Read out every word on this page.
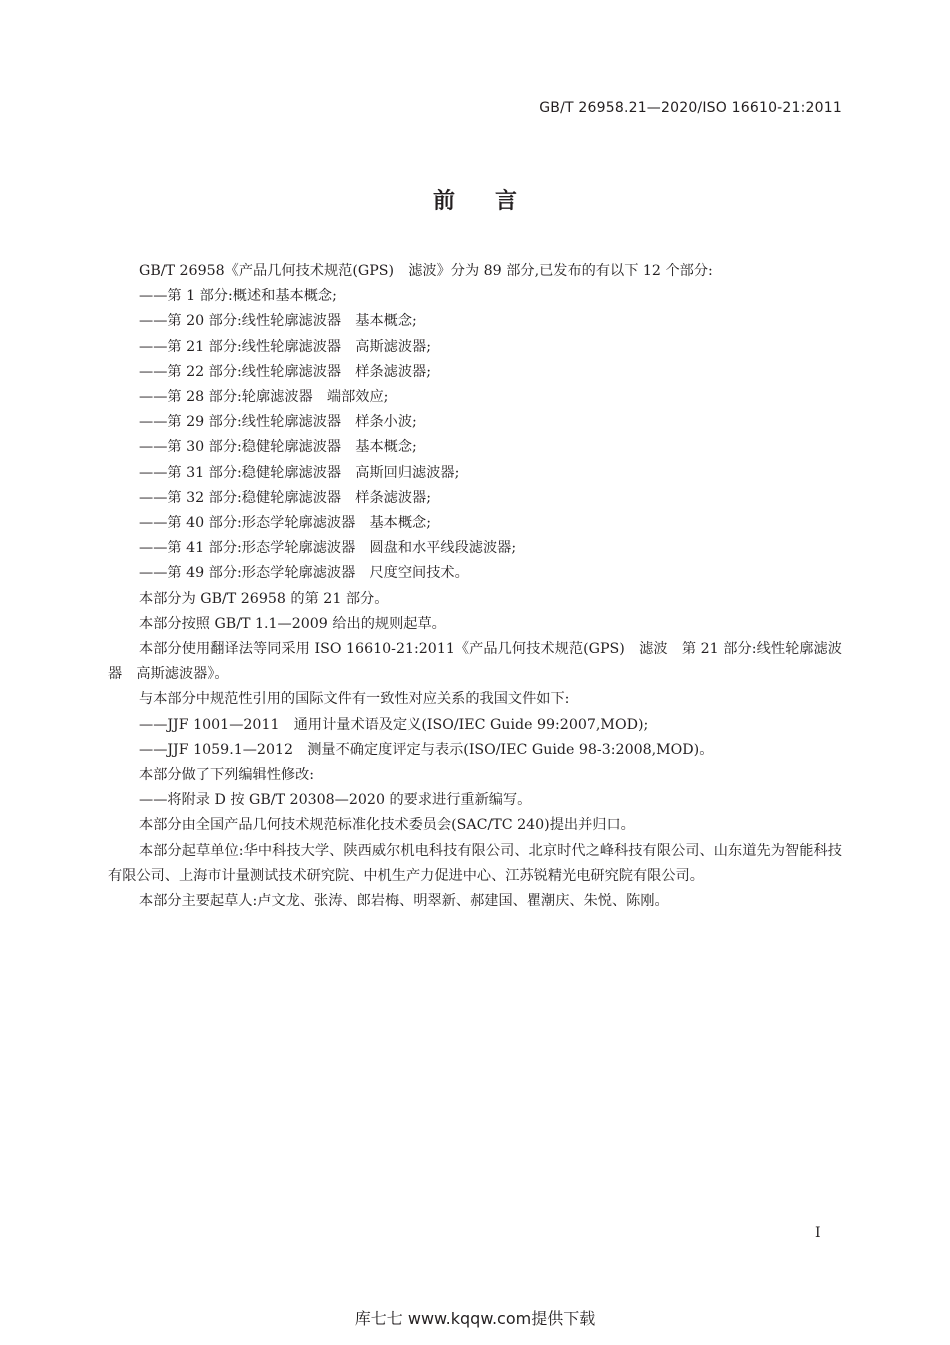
GB/T 26958.21—2020/ISO 16610-21:2011
前言

GB/T 26958《产品几何技术规范(GPS)　滤波》分为 89 部分,已发布的有以下 12 个部分:

——第 1 部分:概述和基本概念;

——第 20 部分:线性轮廓滤波器　基本概念;

——第 21 部分:线性轮廓滤波器　高斯滤波器;

——第 22 部分:线性轮廓滤波器　样条滤波器;

——第 28 部分:轮廓滤波器　端部效应;

——第 29 部分:线性轮廓滤波器　样条小波;

——第 30 部分:稳健轮廓滤波器　基本概念;

——第 31 部分:稳健轮廓滤波器　高斯回归滤波器;

——第 32 部分:稳健轮廓滤波器　样条滤波器;

——第 40 部分:形态学轮廓滤波器　基本概念;

——第 41 部分:形态学轮廓滤波器　圆盘和水平线段滤波器;

——第 49 部分:形态学轮廓滤波器　尺度空间技术。

本部分为 GB/T 26958 的第 21 部分。

本部分按照 GB/T 1.1—2009 给出的规则起草。

本部分使用翻译法等同采用 ISO 16610-21:2011《产品几何技术规范(GPS)　滤波　第 21 部分:线性轮廓滤波器　高斯滤波器》。

与本部分中规范性引用的国际文件有一致性对应关系的我国文件如下:

——JJF 1001—2011　通用计量术语及定义(ISO/IEC Guide 99:2007,MOD);

——JJF 1059.1—2012　测量不确定度评定与表示(ISO/IEC Guide 98-3:2008,MOD)。

本部分做了下列编辑性修改:

——将附录 D 按 GB/T 20308—2020 的要求进行重新编写。

本部分由全国产品几何技术规范标准化技术委员会(SAC/TC 240)提出并归口。

本部分起草单位:华中科技大学、陕西威尔机电科技有限公司、北京时代之峰科技有限公司、山东道先为智能科技有限公司、上海市计量测试技术研究院、中机生产力促进中心、江苏锐精光电研究院有限公司。

本部分主要起草人:卢文龙、张涛、郎岩梅、明翠新、郝建国、瞿潮庆、朱悦、陈刚。

I
库七七 www.kqqw.com提供下载
